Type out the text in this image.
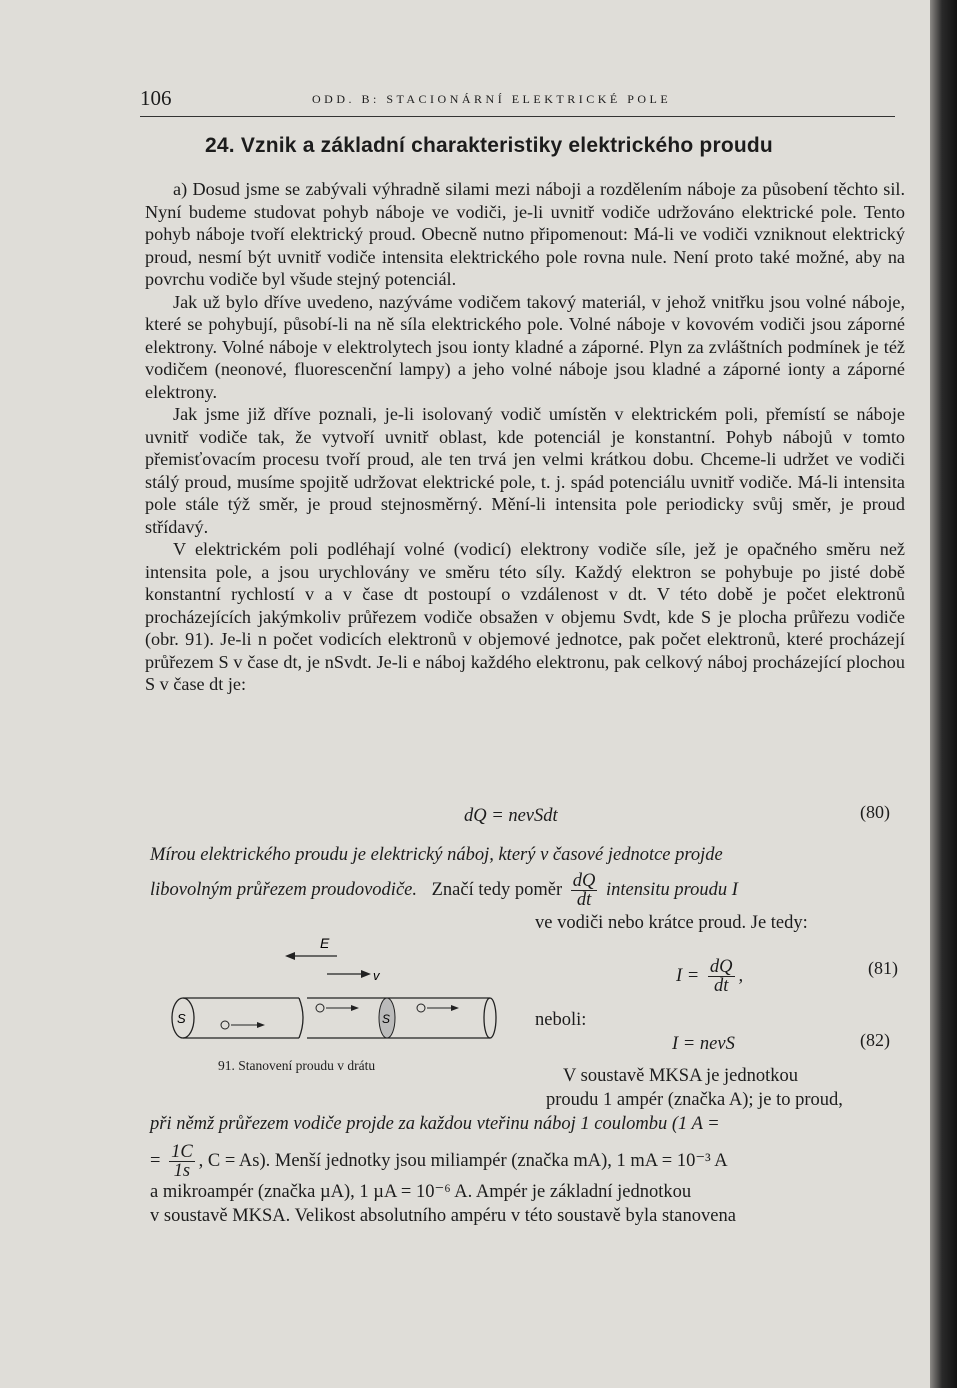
106	ODD. B: STACIONÁRNÍ ELEKTRICKÉ POLE
24. Vznik a základní charakteristiky elektrického proudu

a) Dosud jsme se zabývali výhradně silami mezi náboji a rozdělením náboje za působení těchto sil. Nyní budeme studovat pohyb náboje ve vodiči, je-li uvnitř vodiče udržováno elektrické pole. Tento pohyb náboje tvoří elektrický proud. Obecně nutno připomenout: Má-li ve vodiči vzniknout elektrický proud, nesmí být uvnitř vodiče intensita elektrického pole rovna nule. Není proto také možné, aby na povrchu vodiče byl všude stejný potenciál.

Jak už bylo dříve uvedeno, nazýváme vodičem takový materiál, v jehož vnitřku jsou volné náboje, které se pohybují, působí-li na ně síla elektrického pole. Volné náboje v kovovém vodiči jsou záporné elektrony. Volné náboje v elektrolytech jsou ionty kladné a záporné. Plyn za zvláštních podmínek je též vodičem (neonové, fluorescenční lampy) a jeho volné náboje jsou kladné a záporné ionty a záporné elektrony.

Jak jsme již dříve poznali, je-li isolovaný vodič umístěn v elektrickém poli, přemístí se náboje uvnitř vodiče tak, že vytvoří uvnitř oblast, kde potenciál je konstantní. Pohyb nábojů v tomto přemisťovacím procesu tvoří proud, ale ten trvá jen velmi krátkou dobu. Chceme-li udržet ve vodiči stálý proud, musíme spojitě udržovat elektrické pole, t. j. spád potenciálu uvnitř vodiče. Má-li intensita pole stále týž směr, je proud stejnosměrný. Mění-li intensita pole periodicky svůj směr, je proud střídavý.

V elektrickém poli podléhají volné (vodicí) elektrony vodiče síle, jež je opačného směru než intensita pole, a jsou urychlovány ve směru této síly. Každý elektron se pohybuje po jisté době konstantní rychlostí v a v čase dt postoupí o vzdálenost v dt. V této době je počet elektronů procházejících jakýmkoliv průřezem vodiče obsažen v objemu Svdt, kde S je plocha průřezu vodiče (obr. 91). Je-li n počet vodicích elektronů v objemové jednotce, pak počet elektronů, které procházejí průřezem S v čase dt, je nSvdt. Je-li e náboj každého elektronu, pak celkový náboj procházející plochou S v čase dt je:

dQ = nevSdt	(80)
Mírou elektrického proudu je elektrický náboj, který v časové jednotce projde
libovolným průřezem proudovodiče. Značí tedy poměr $\frac{dQ}{dt}$ intensitu proudu I
ve vodiči nebo krátce proud. Je tedy:
$I = \frac{dQ}{dt}$ ,	(81)
neboli:
I = nevS	(82)
E
v
S	S
91. Stanovení proudu v drátu
V soustavě MKSA je jednotkou
proudu 1 ampér (značka A); je to proud,
při němž průřezem vodiče projde za každou vteřinu náboj 1 coulombu (1 A =
= $\frac{1C}{1s}$ , C = As). Menší jednotky jsou miliampér (značka mA), 1 mA = 10⁻³ A
a mikroampér (značka µA), 1 µA = 10⁻⁶ A. Ampér je základní jednotkou
v soustavě MKSA. Velikost absolutního ampéru v této soustavě byla stanovena
